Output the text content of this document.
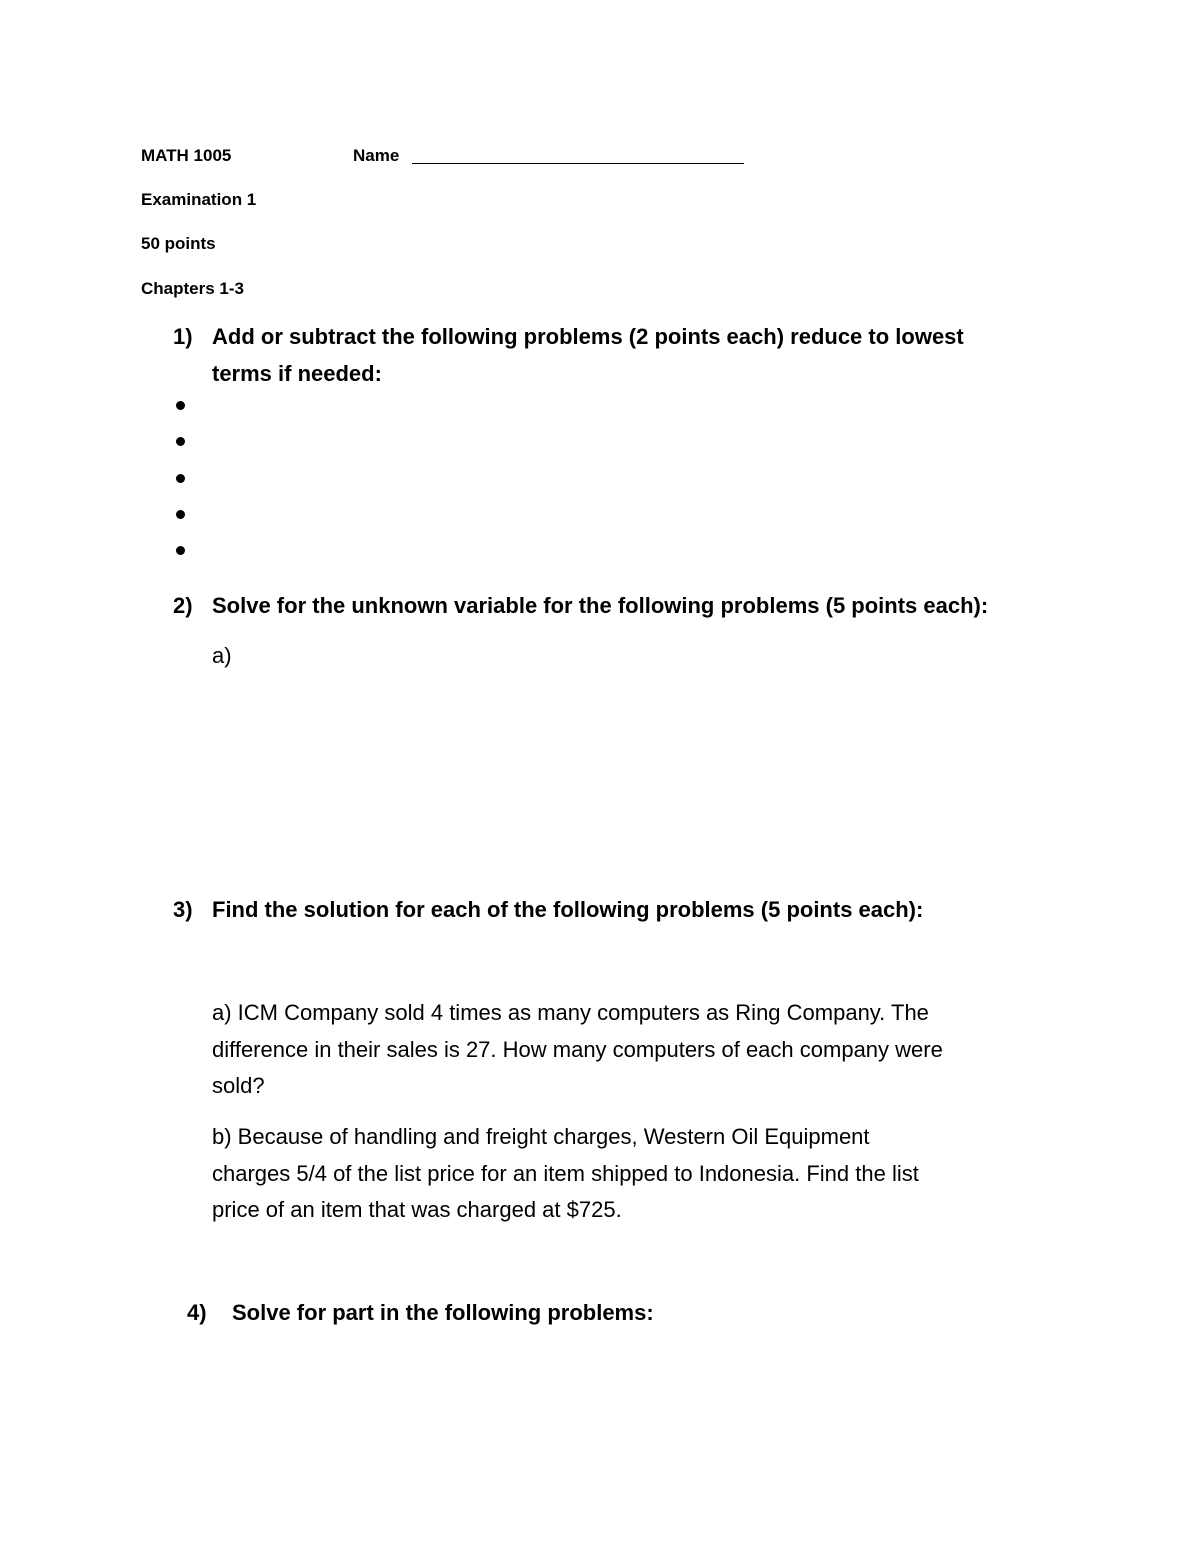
MATH 1005	Name
Examination 1
50 points
Chapters 1-3
1) Add or subtract the following problems (2 points each) reduce to lowest
terms if needed:
2) Solve for the unknown variable for the following problems (5 points each):
a)
3) Find the solution for each of the following problems (5 points each):
a) ICM Company sold 4 times as many computers as Ring Company. The
difference in their sales is 27. How many computers of each company were
sold?
b) Because of handling and freight charges, Western Oil Equipment
charges 5/4 of the list price for an item shipped to Indonesia. Find the list
price of an item that was charged at $725.
4) Solve for part in the following problems:
